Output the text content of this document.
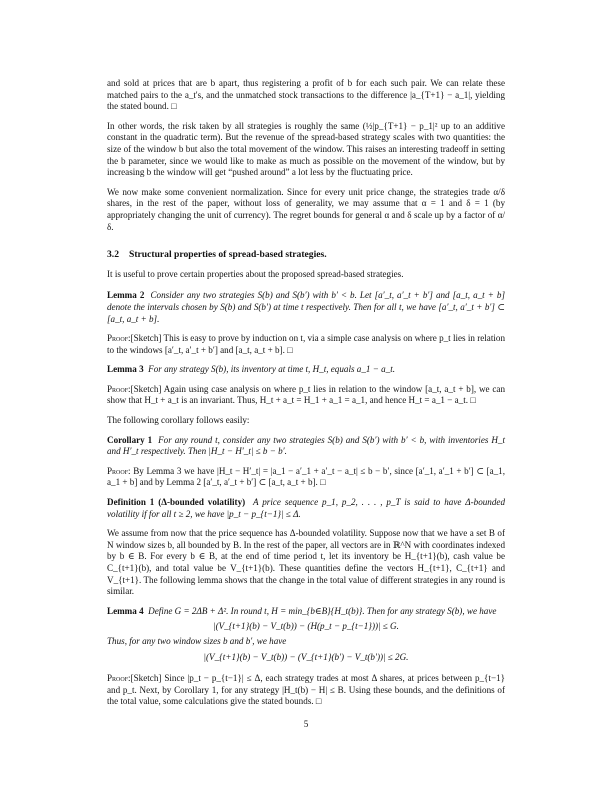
and sold at prices that are b apart, thus registering a profit of b for each such pair. We can relate these matched pairs to the a_t's, and the unmatched stock transactions to the difference |a_{T+1} − a_1|, yielding the stated bound. □

In other words, the risk taken by all strategies is roughly the same (½|p_{T+1} − p_1|² up to an additive constant in the quadratic term). But the revenue of the spread-based strategy scales with two quantities: the size of the window b but also the total movement of the window. This raises an interesting tradeoff in setting the b parameter, since we would like to make as much as possible on the movement of the window, but by increasing b the window will get “pushed around” a lot less by the fluctuating price.

We now make some convenient normalization. Since for every unit price change, the strategies trade α/δ shares, in the rest of the paper, without loss of generality, we may assume that α = 1 and δ = 1 (by appropriately changing the unit of currency). The regret bounds for general α and δ scale up by a factor of α/δ.

3.2 Structural properties of spread-based strategies.

It is useful to prove certain properties about the proposed spread-based strategies.

Lemma 2 Consider any two strategies S(b) and S(b′) with b′ < b. Let [a′_t, a′_t + b′] and [a_t, a_t + b] denote the intervals chosen by S(b) and S(b′) at time t respectively. Then for all t, we have [a′_t, a′_t + b′] ⊂ [a_t, a_t + b].

Proof:[Sketch] This is easy to prove by induction on t, via a simple case analysis on where p_t lies in relation to the windows [a′_t, a′_t + b′] and [a_t, a_t + b]. □

Lemma 3 For any strategy S(b), its inventory at time t, H_t, equals a_1 − a_t.

Proof:[Sketch] Again using case analysis on where p_t lies in relation to the window [a_t, a_t + b], we can show that H_t + a_t is an invariant. Thus, H_t + a_t = H_1 + a_1 = a_1, and hence H_t = a_1 − a_t. □

The following corollary follows easily:

Corollary 1 For any round t, consider any two strategies S(b) and S(b′) with b′ < b, with inventories H_t and H′_t respectively. Then |H_t − H′_t| ≤ b − b′.

Proof: By Lemma 3 we have |H_t − H′_t| = |a_1 − a′_1 + a′_t − a_t| ≤ b − b′, since [a′_1, a′_1 + b′] ⊂ [a_1, a_1 + b] and by Lemma 2 [a′_t, a′_t + b′] ⊂ [a_t, a_t + b]. □

Definition 1 (Δ-bounded volatility) A price sequence p_1, p_2, . . . , p_T is said to have Δ-bounded volatility if for all t ≥ 2, we have |p_t − p_{t−1}| ≤ Δ.

We assume from now that the price sequence has Δ-bounded volatility. Suppose now that we have a set B of N window sizes b, all bounded by B. In the rest of the paper, all vectors are in ℝ^N with coordinates indexed by b ∈ B. For every b ∈ B, at the end of time period t, let its inventory be H_{t+1}(b), cash value be C_{t+1}(b), and total value be V_{t+1}(b). These quantities define the vectors H_{t+1}, C_{t+1} and V_{t+1}. The following lemma shows that the change in the total value of different strategies in any round is similar.

Lemma 4 Define G = 2ΔB + Δ². In round t, H = min_{b∈B}{H_t(b)}. Then for any strategy S(b), we have

|(V_{t+1}(b) − V_t(b)) − (H(p_t − p_{t−1}))| ≤ G.

Thus, for any two window sizes b and b′, we have

|(V_{t+1}(b) − V_t(b)) − (V_{t+1}(b′) − V_t(b′))| ≤ 2G.

Proof:[Sketch] Since |p_t − p_{t−1}| ≤ Δ, each strategy trades at most Δ shares, at prices between p_{t−1} and p_t. Next, by Corollary 1, for any strategy |H_t(b) − H| ≤ B. Using these bounds, and the definitions of the total value, some calculations give the stated bounds. □

5
